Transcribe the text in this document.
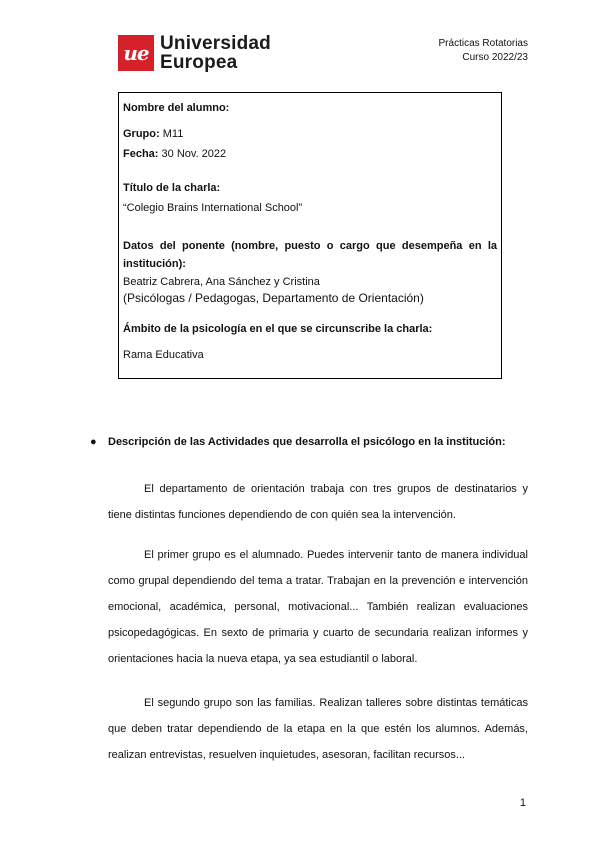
ue Universidad
Europea
Prácticas Rotatorias
Curso 2022/23
Nombre del alumno:
Grupo: M11
Fecha: 30 Nov. 2022
Título de la charla:
“Colegio Brains International School”
Datos del ponente (nombre, puesto o cargo que desempeña en la
institución):
Beatriz Cabrera, Ana Sánchez y Cristina
(Psicólogas / Pedagogas, Departamento de Orientación)
Ámbito de la psicología en el que se circunscribe la charla:
Rama Educativa
● Descripción de las Actividades que desarrolla el psicólogo en la institución:
El departamento de orientación trabaja con tres grupos de destinatarios y
tiene distintas funciones dependiendo de con quién sea la intervención.
El primer grupo es el alumnado. Puedes intervenir tanto de manera individual
como grupal dependiendo del tema a tratar. Trabajan en la prevención e intervención
emocional, académica, personal, motivacional... También realizan evaluaciones
psicopedagógicas. En sexto de primaria y cuarto de secundaria realizan informes y
orientaciones hacia la nueva etapa, ya sea estudiantil o laboral.
El segundo grupo son las familias. Realizan talleres sobre distintas temáticas
que deben tratar dependiendo de la etapa en la que estén los alumnos. Además,
realizan entrevistas, resuelven inquietudes, asesoran, facilitan recursos...
1
